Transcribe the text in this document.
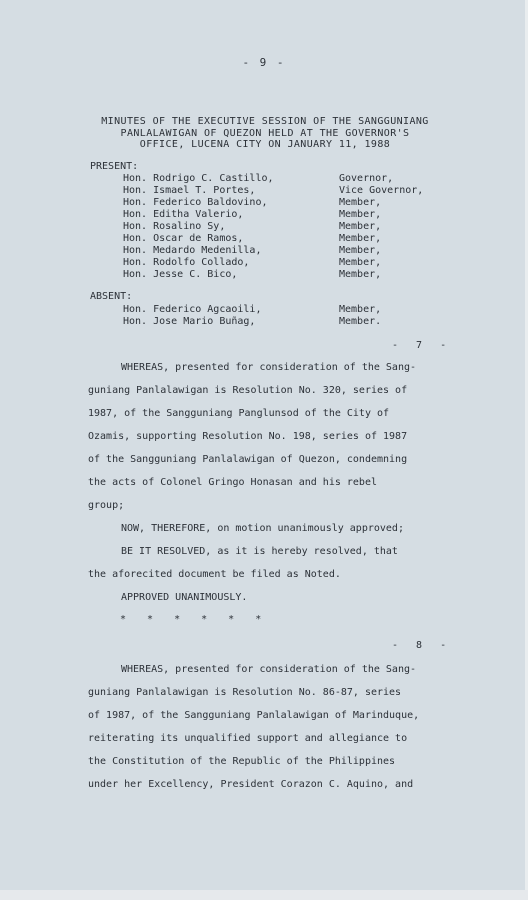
- 9 -
MINUTES OF THE EXECUTIVE SESSION OF THE SANGGUNIANG
PANLALAWIGAN OF QUEZON HELD AT THE GOVERNOR'S
OFFICE, LUCENA CITY ON JANUARY 11, 1988
PRESENT:
Hon. Rodrigo C. Castillo,	Governor,
Hon. Ismael T. Portes,	Vice Governor,
Hon. Federico Baldovino,	Member,
Hon. Editha Valerio,	Member,
Hon. Rosalino Sy,	Member,
Hon. Oscar de Ramos,	Member,
Hon. Medardo Medenilla,	Member,
Hon. Rodolfo Collado,	Member,
Hon. Jesse C. Bico,	Member,
ABSENT:
Hon. Federico Agcaoili,	Member,
Hon. Jose Mario Buñag,	Member.
- 7 -
WHEREAS, presented for consideration of the Sang-
guniang Panlalawigan is Resolution No. 320, series of
1987, of the Sangguniang Panglunsod of the City of
Ozamis, supporting Resolution No. 198, series of 1987
of the Sangguniang Panlalawigan of Quezon, condemning
the acts of Colonel Gringo Honasan and his rebel
group;
NOW, THEREFORE, on motion unanimously approved;
BE IT RESOLVED, as it is hereby resolved, that
the aforecited document be filed as Noted.
APPROVED UNANIMOUSLY.
* * * * * *
- 8 -
WHEREAS, presented for consideration of the Sang-
guniang Panlalawigan is Resolution No. 86-87, series
of 1987, of the Sangguniang Panlalawigan of Marinduque,
reiterating its unqualified support and allegiance to
the Constitution of the Republic of the Philippines
under her Excellency, President Corazon C. Aquino, and
